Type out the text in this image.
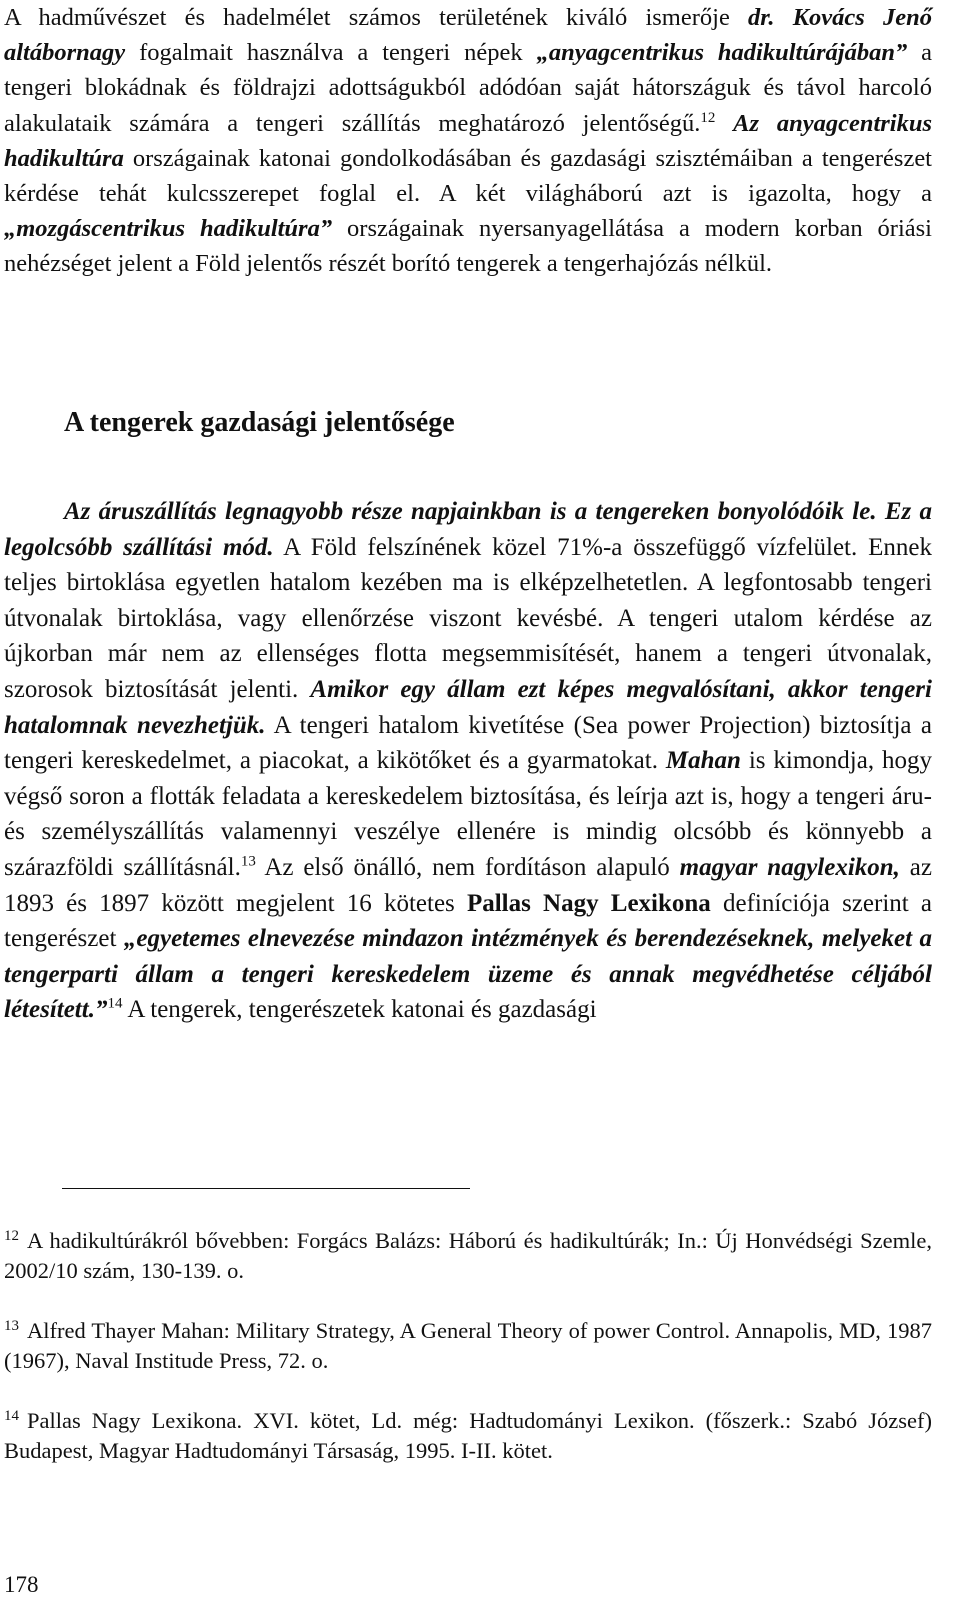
A hadművészet és hadelmélet számos területének kiváló ismerője dr. Kovács Jenő altábornagy fogalmait használva a tengeri népek „anyagcentrikus hadikultúrájában” a tengeri blokádnak és földrajzi adottságukból adódóan saját hátországuk és távol harcoló alakulataik számára a tengeri szállítás meghatározó jelentőségű.$^{12}$ Az anyagcentrikus hadikultúra országainak katonai gondolkodásában és gazdasági szisztémáiban a tengerészet kérdése tehát kulcsszerepet foglal el. A két világháború azt is igazolta, hogy a „mozgáscentrikus hadikultúra” országainak nyersanyagellátása a modern korban óriási nehézséget jelent a Föld jelentős részét borító tengerek a tengerhajózás nélkül.

A tengerek gazdasági jelentősége

Az áruszállítás legnagyobb része napjainkban is a tengereken bonyolódóik le. Ez a legolcsóbb szállítási mód. A Föld felszínének közel 71%-a összefüggő vízfelület. Ennek teljes birtoklása egyetlen hatalom kezében ma is elképzelhetetlen. A legfontosabb tengeri útvonalak birtoklása, vagy ellenőrzése viszont kevésbé. A tengeri utalom kérdése az újkorban már nem az ellenséges flotta megsemmisítését, hanem a tengeri útvonalak, szorosok biztosítását jelenti. Amikor egy állam ezt képes megvalósítani, akkor tengeri hatalomnak nevezhetjük. A tengeri hatalom kivetítése (Sea power Projection) biztosítja a tengeri kereskedelmet, a piacokat, a kikötőket és a gyarmatokat. Mahan is kimondja, hogy végső soron a flották feladata a kereskedelem biztosítása, és leírja azt is, hogy a tengeri áru- és személyszállítás valamennyi veszélye ellenére is mindig olcsóbb és könnyebb a szárazföldi szállításnál.$^{13}$ Az első önálló, nem fordításon alapuló magyar nagylexikon, az 1893 és 1897 között megjelent 16 kötetes Pallas Nagy Lexikona definíciója szerint a tengerészet „egyetemes elnevezése mindazon intézmények és berendezéseknek, melyeket a tengerparti állam a tengeri kereskedelem üzeme és annak megvédhetése céljából létesített.”$^{14}$ A tengerek, tengerészetek katonai és gazdasági

$^{12}$ A hadikultúrákról bővebben: Forgács Balázs: Háború és hadikultúrák; In.: Új Honvédségi Szemle, 2002/10 szám, 130-139. o.

$^{13}$ Alfred Thayer Mahan: Military Strategy, A General Theory of power Control. Annapolis, MD, 1987 (1967), Naval Institude Press, 72. o.

$^{14}$ Pallas Nagy Lexikona. XVI. kötet, Ld. még: Hadtudományi Lexikon. (főszerk.: Szabó József) Budapest, Magyar Hadtudományi Társaság, 1995. I-II. kötet.

178
